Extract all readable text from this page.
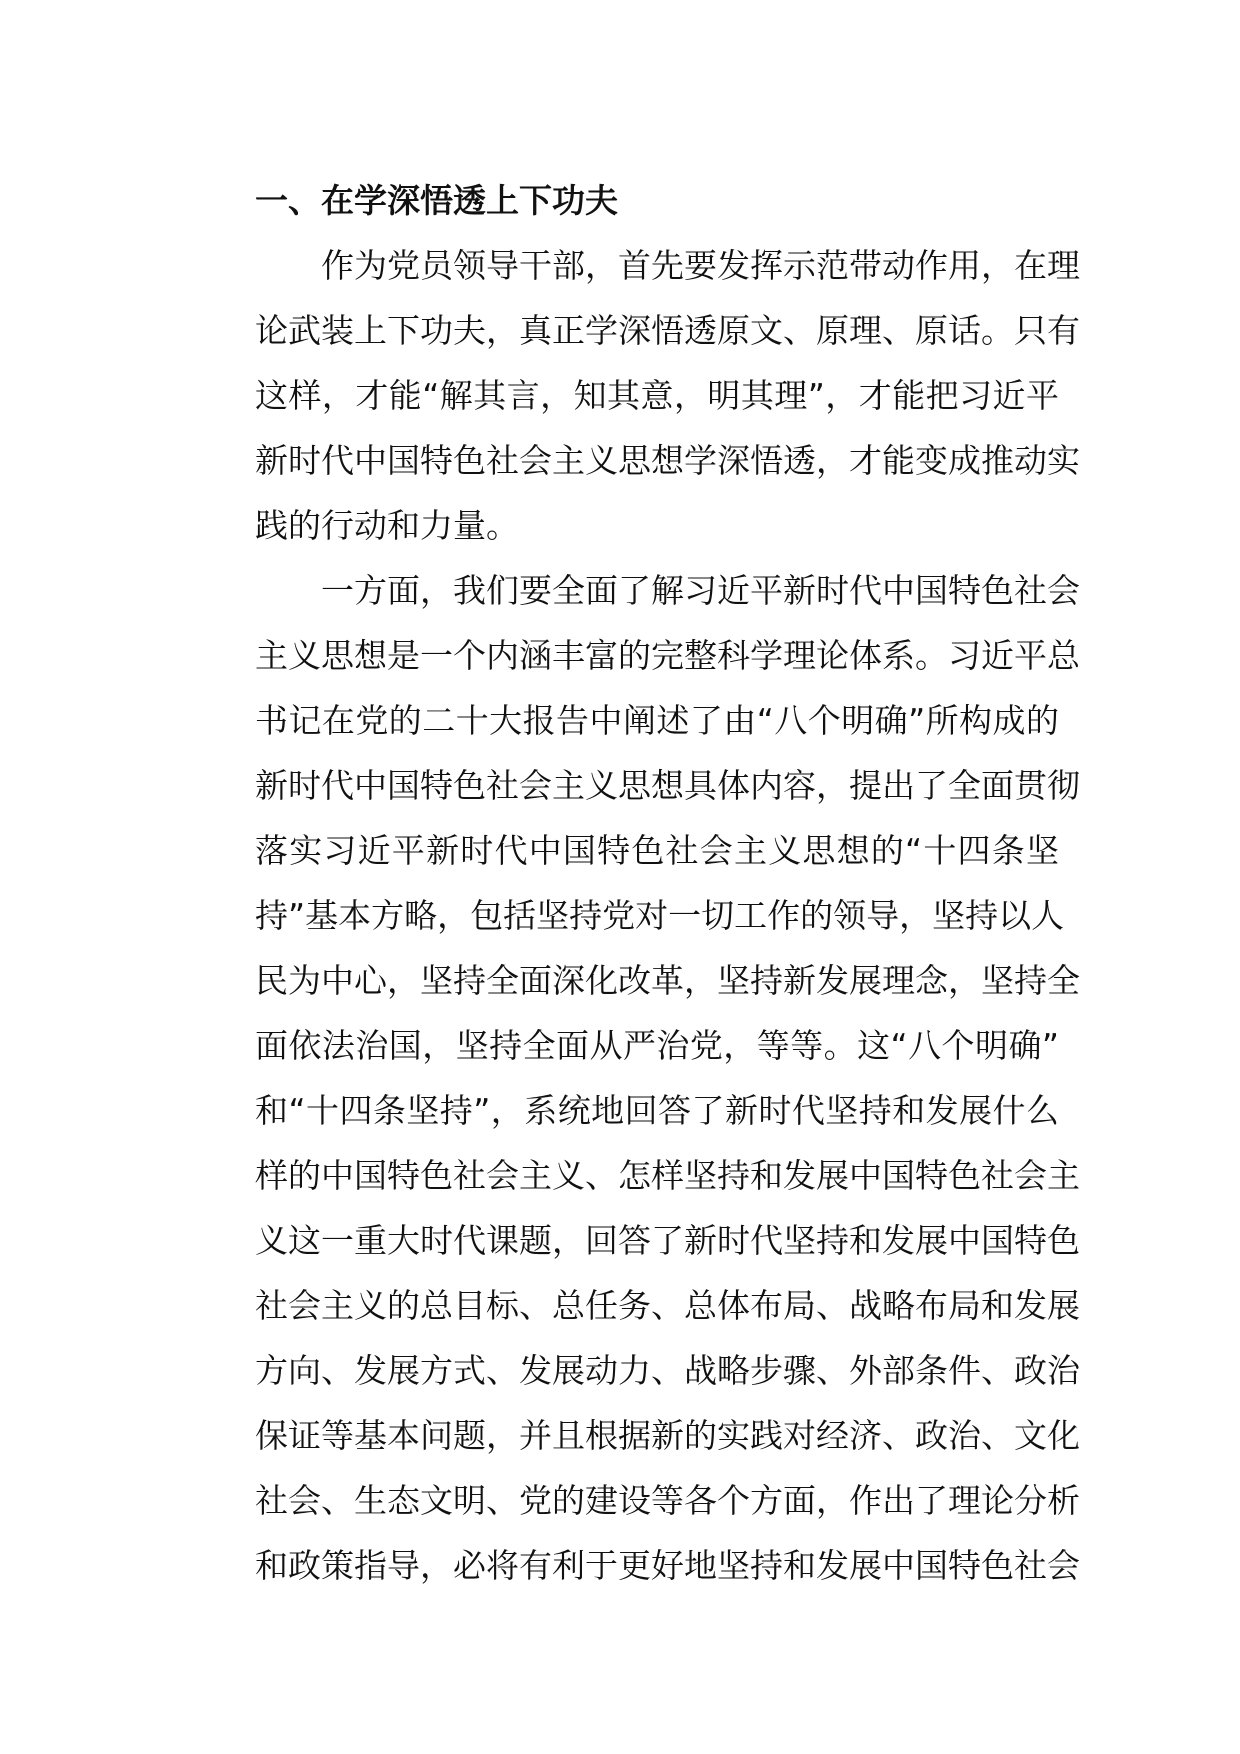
一、在学深悟透上下功夫
作为党员领导干部，首先要发挥示范带动作用，在理
论武装上下功夫，真正学深悟透原文、原理、原话。只有
这样，才能“解其言，知其意，明其理”，才能把习近平
新时代中国特色社会主义思想学深悟透，才能变成推动实
践的行动和力量。
一方面，我们要全面了解习近平新时代中国特色社会
主义思想是一个内涵丰富的完整科学理论体系。习近平总
书记在党的二十大报告中阐述了由“八个明确”所构成的
新时代中国特色社会主义思想具体内容，提出了全面贯彻
落实习近平新时代中国特色社会主义思想的“十四条坚
持”基本方略，包括坚持党对一切工作的领导，坚持以人
民为中心，坚持全面深化改革，坚持新发展理念，坚持全
面依法治国，坚持全面从严治党，等等。这“八个明确”
和“十四条坚持”，系统地回答了新时代坚持和发展什么
样的中国特色社会主义、怎样坚持和发展中国特色社会主
义这一重大时代课题，回答了新时代坚持和发展中国特色
社会主义的总目标、总任务、总体布局、战略布局和发展
方向、发展方式、发展动力、战略步骤、外部条件、政治
保证等基本问题，并且根据新的实践对经济、政治、文化
社会、生态文明、党的建设等各个方面，作出了理论分析
和政策指导，必将有利于更好地坚持和发展中国特色社会
